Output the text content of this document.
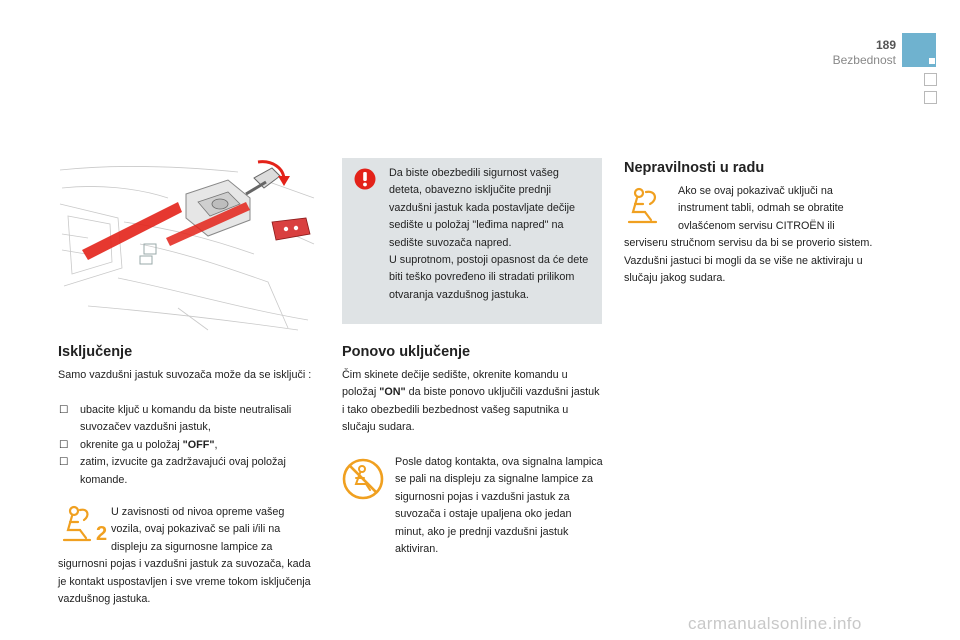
189
Bezbednost
Isključenje
Samo vazdušni jastuk suvozača može da se isključi :
☐ ubacite ključ u komandu da biste neutralisali suvozačev vazdušni jastuk,
☐ okrenite ga u položaj "OFF",
☐ zatim, izvucite ga zadržavajući ovaj položaj komande.
2
U zavisnosti od nivoa opreme vašeg
vozila, ovaj pokazivač se pali i/ili na
displeju za sigurnosne lampice za
sigurnosni pojas i vazdušni jastuk za suvozača, kada je kontakt uspostavljen i sve vreme tokom isključenja vazdušnog jastuka.
Da biste obezbedili sigurnost vašeg deteta, obavezno isključite prednji vazdušni jastuk kada postavljate dečije sedište u položaj "leđima napred" na sedište suvozača napred.
U suprotnom, postoji opasnost da će dete biti teško povređeno ili stradati prilikom otvaranja vazdušnog jastuka.
Ponovo uključenje
Čim skinete dečije sedište, okrenite komandu u položaj "ON" da biste ponovo uključili vazdušni jastuk i tako obezbedili bezbednost vašeg saputnika u slučaju sudara.
Posle datog kontakta, ova signalna lampica se pali na displeju za signalne lampice za sigurnosni pojas i vazdušni jastuk za suvozača i ostaje upaljena oko jedan minut, ako je prednji vazdušni jastuk aktiviran.
Nepravilnosti u radu
Ako se ovaj pokazivač uključi na
instrument tabli, odmah se obratite
ovlašćenom servisu CITROËN ili
serviseru stručnom servisu da bi se proverio sistem. Vazdušni jastuci bi mogli da se više ne aktiviraju u slučaju jakog sudara.
carmanualsonline.info
